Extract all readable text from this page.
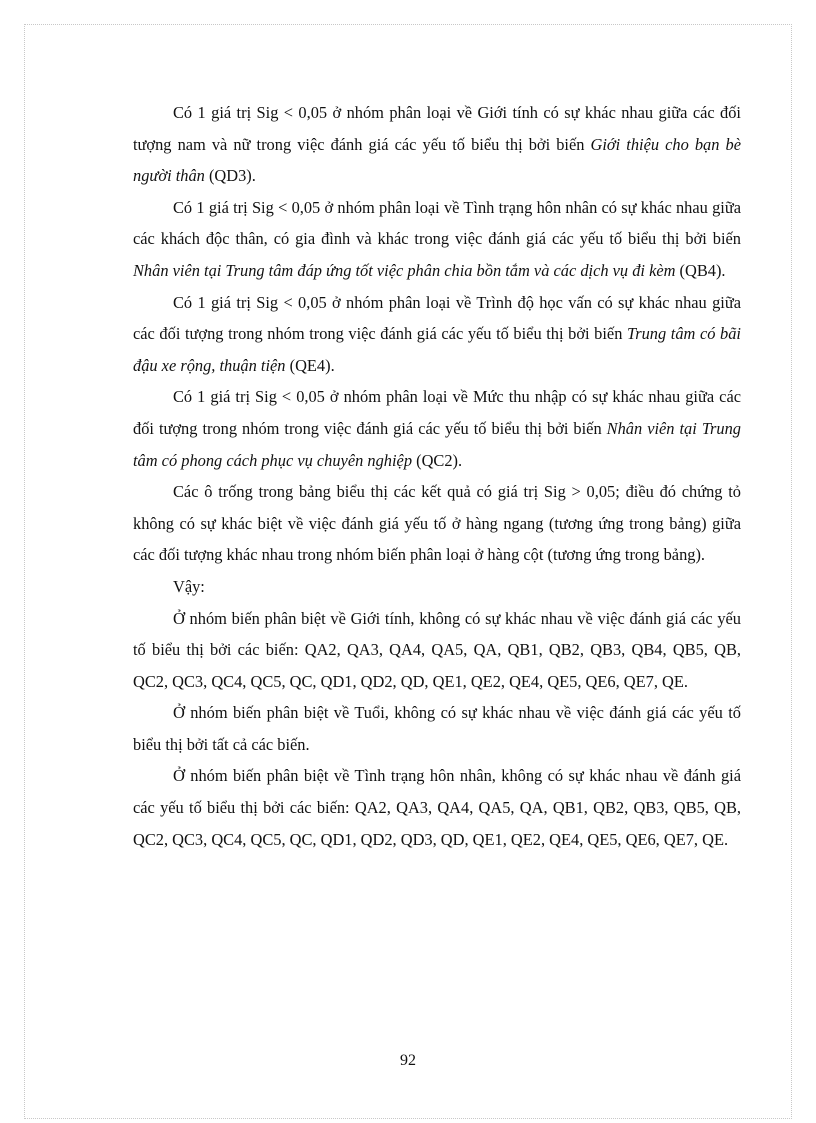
Có 1 giá trị Sig < 0,05 ở nhóm phân loại về Giới tính có sự khác nhau giữa các đối tượng nam và nữ trong việc đánh giá các yếu tố biểu thị bởi biến Giới thiệu cho bạn bè người thân (QD3).

Có 1 giá trị Sig < 0,05 ở nhóm phân loại về Tình trạng hôn nhân có sự khác nhau giữa các khách độc thân, có gia đình và khác trong việc đánh giá các yếu tố biểu thị bởi biến Nhân viên tại Trung tâm đáp ứng tốt việc phân chia bồn tắm và các dịch vụ đi kèm (QB4).

Có 1 giá trị Sig < 0,05 ở nhóm phân loại về Trình độ học vấn có sự khác nhau giữa các đối tượng trong nhóm trong việc đánh giá các yếu tố biểu thị bởi biến Trung tâm có bãi đậu xe rộng, thuận tiện (QE4).

Có 1 giá trị Sig < 0,05 ở nhóm phân loại về Mức thu nhập có sự khác nhau giữa các đối tượng trong nhóm trong việc đánh giá các yếu tố biểu thị bởi biến Nhân viên tại Trung tâm có phong cách phục vụ chuyên nghiệp (QC2).

Các ô trống trong bảng biểu thị các kết quả có giá trị Sig > 0,05; điều đó chứng tỏ không có sự khác biệt về việc đánh giá yếu tố ở hàng ngang (tương ứng trong bảng) giữa các đối tượng khác nhau trong nhóm biến phân loại ở hàng cột (tương ứng trong bảng).

Vậy:

Ở nhóm biến phân biệt về Giới tính, không có sự khác nhau về việc đánh giá các yếu tố biểu thị bởi các biến: QA2, QA3, QA4, QA5, QA, QB1, QB2, QB3, QB4, QB5, QB, QC2, QC3, QC4, QC5, QC, QD1, QD2, QD, QE1, QE2, QE4, QE5, QE6, QE7, QE.

Ở nhóm biến phân biệt về Tuổi, không có sự khác nhau về việc đánh giá các yếu tố biểu thị bởi tất cả các biến.

Ở nhóm biến phân biệt về Tình trạng hôn nhân, không có sự khác nhau về đánh giá các yếu tố biểu thị bởi các biến: QA2, QA3, QA4, QA5, QA, QB1, QB2, QB3, QB5, QB, QC2, QC3, QC4, QC5, QC, QD1, QD2, QD3, QD, QE1, QE2, QE4, QE5, QE6, QE7, QE.

92
